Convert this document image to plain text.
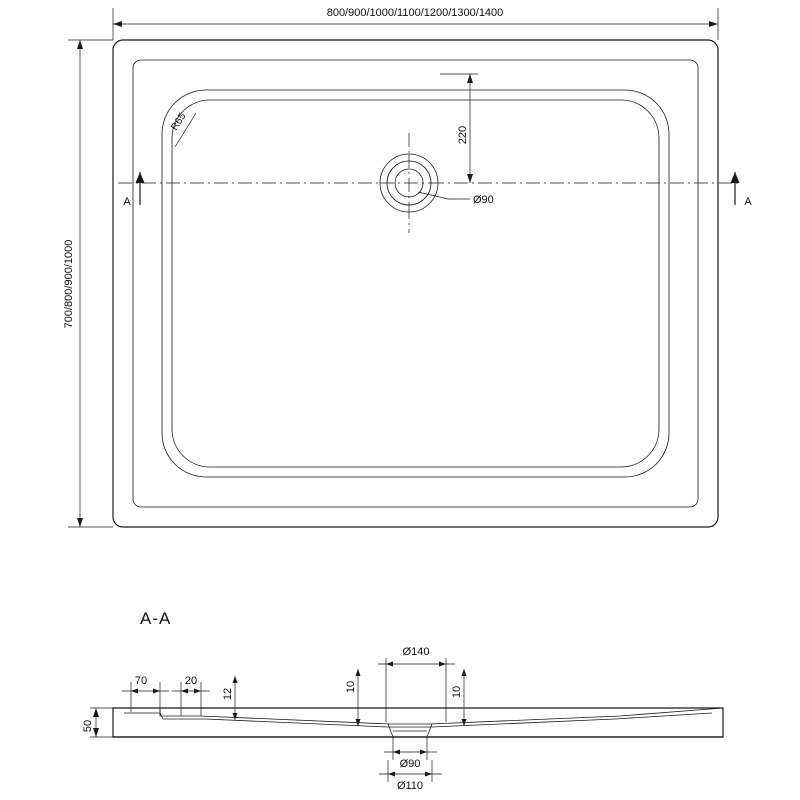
800/900/1000/1100/1200/1300/1400
700/800/900/1000
R65
220
Ø90
A	A
A-A
50
70	20
12
10	10
Ø140
Ø90
Ø110
